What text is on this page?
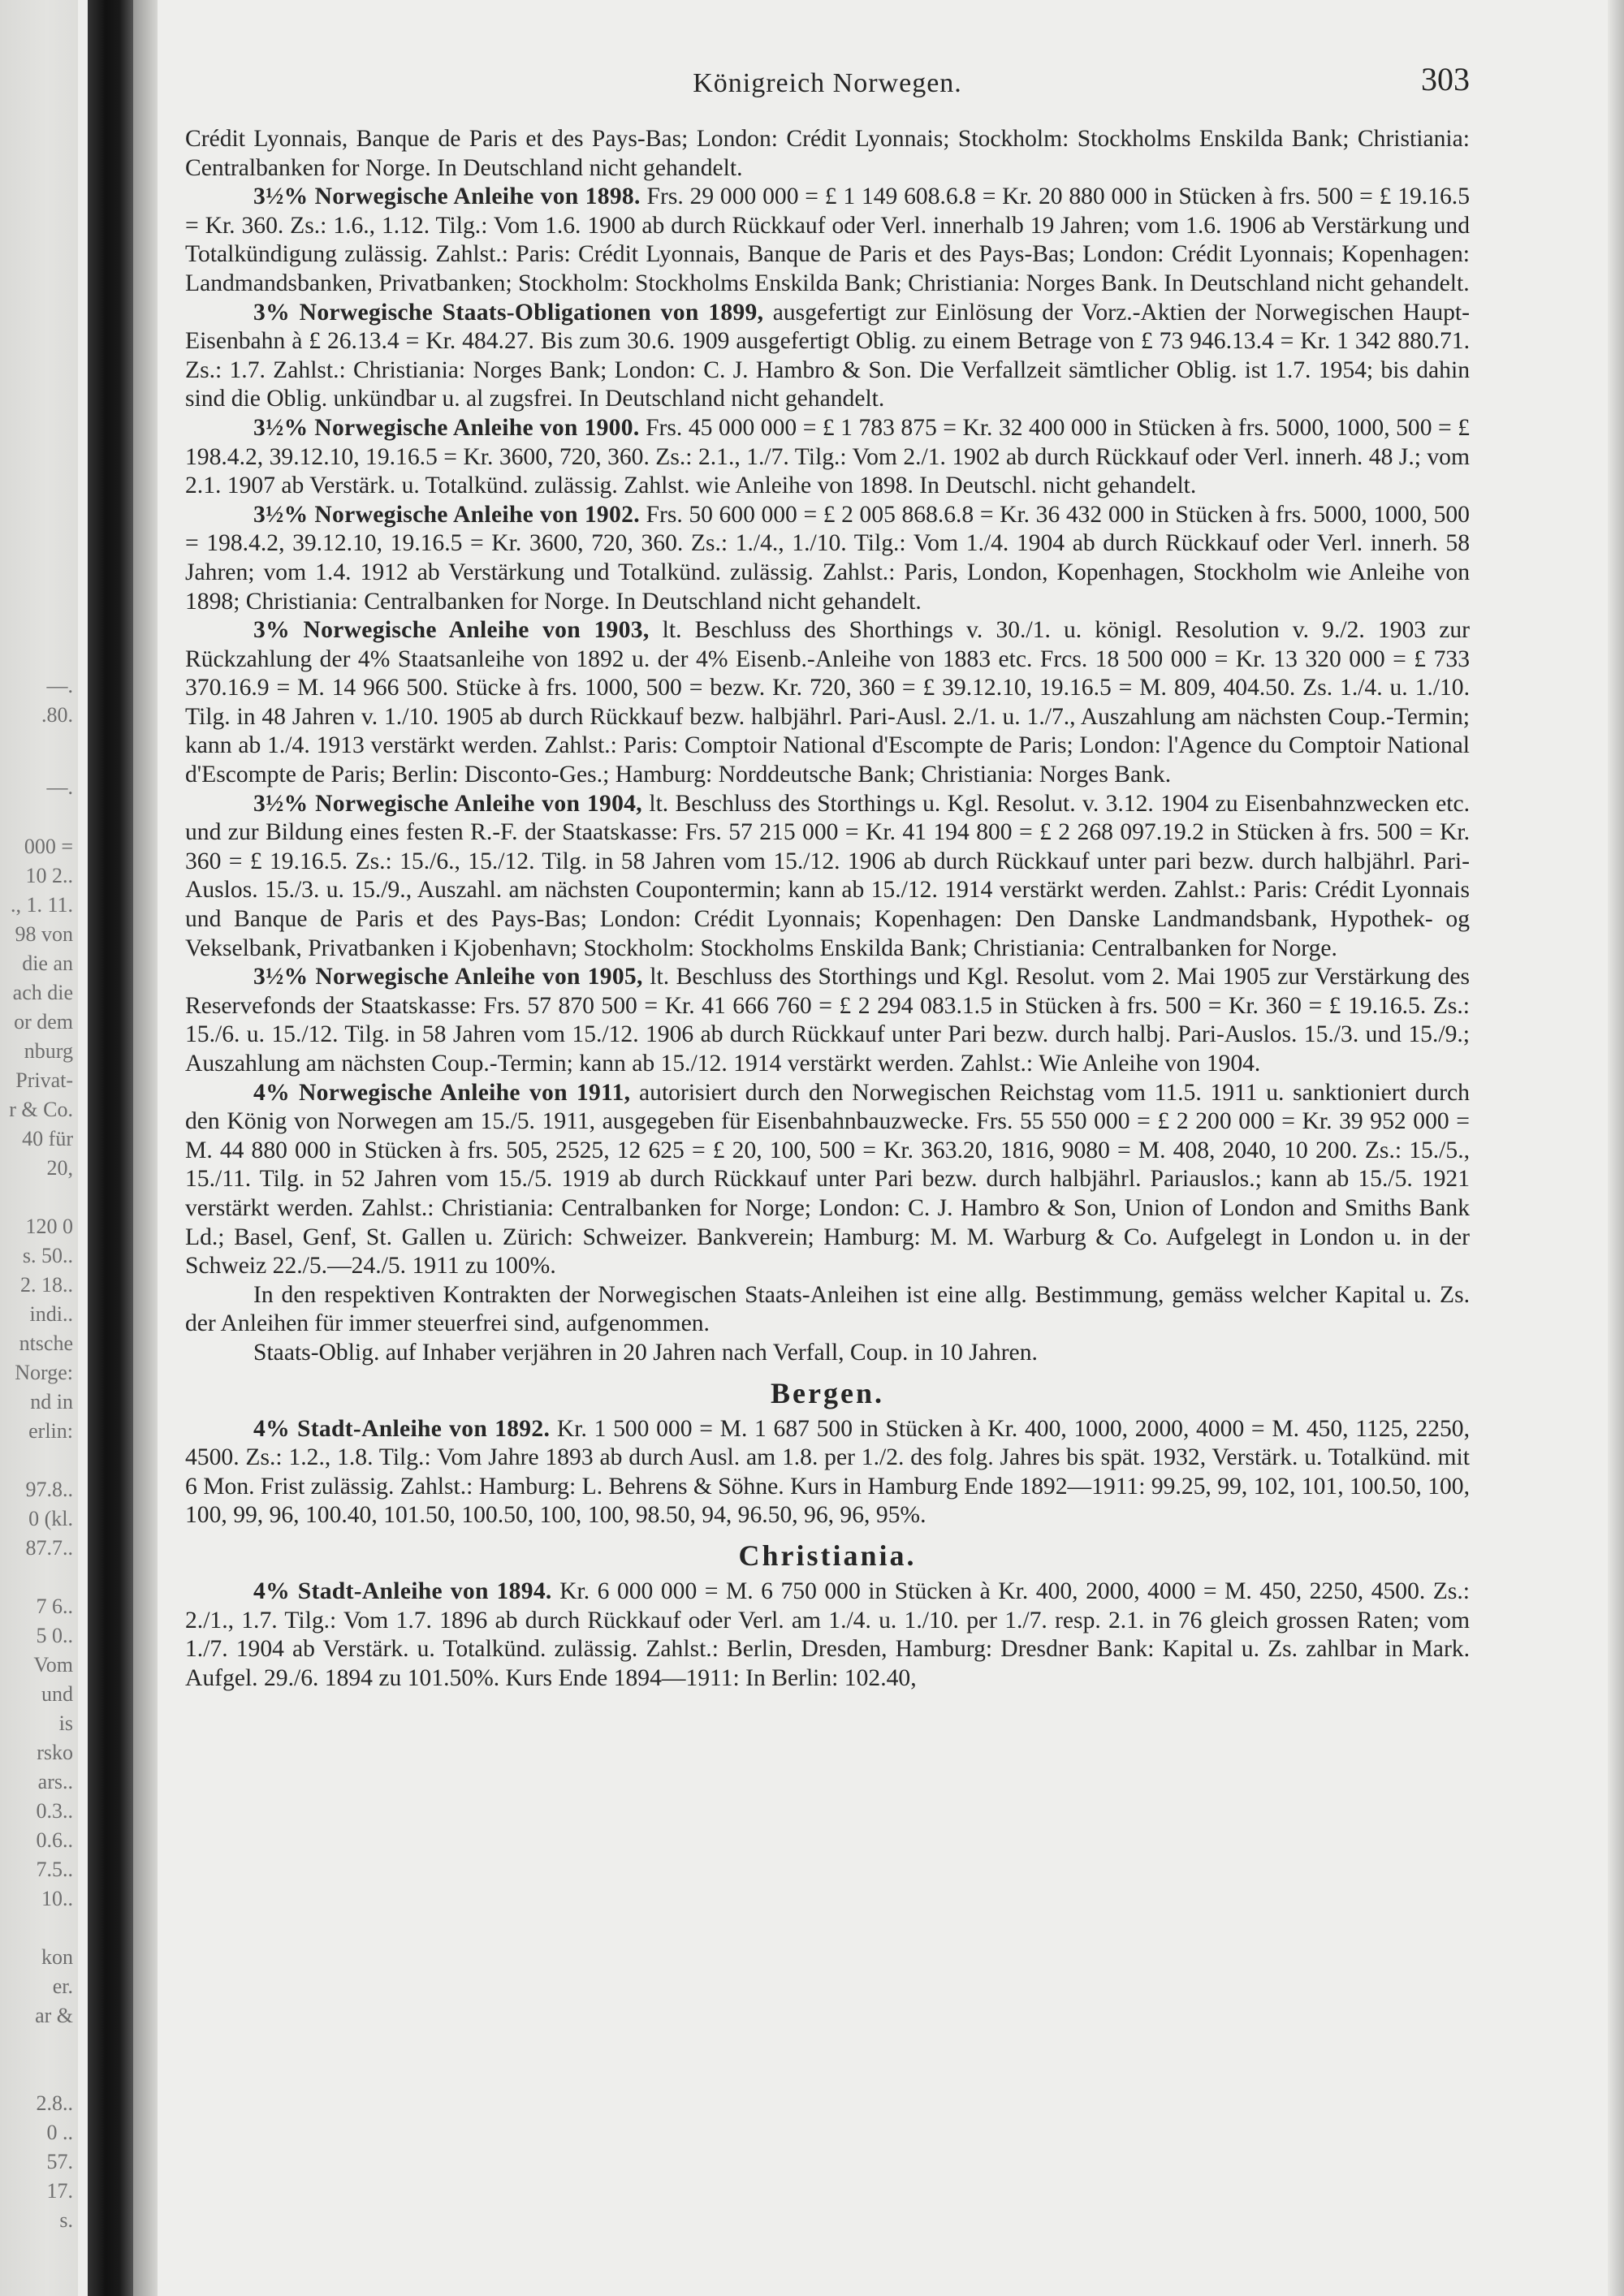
—.
.80.
—.
000 =
10 2..
., 1. 11.
98 von
die an
ach die
or dem
nburg
Privat-
r & Co.
40 für
20,
120 0
s. 50..
2. 18..
indi..
ntsche
Norge:
nd in
erlin:
97.8..
0 (kl.
87.7..
7 6..
5 0..
Vom
und
is
rsko
ars..
0.3..
0.6..
7.5..
10..
kon
er.
ar &
2.8..
0 ..
57.
17.
s.
Königreich Norwegen.	303

Crédit Lyonnais, Banque de Paris et des Pays-Bas; London: Crédit Lyonnais; Stockholm: Stockholms Enskilda Bank; Christiania: Centralbanken for Norge. In Deutschland nicht gehandelt.

3½% Norwegische Anleihe von 1898. Frs. 29 000 000 = £ 1 149 608.6.8 = Kr. 20 880 000 in Stücken à frs. 500 = £ 19.16.5 = Kr. 360. Zs.: 1.6., 1.12. Tilg.: Vom 1.6. 1900 ab durch Rückkauf oder Verl. innerhalb 19 Jahren; vom 1.6. 1906 ab Verstärkung und Totalkündigung zulässig. Zahlst.: Paris: Crédit Lyonnais, Banque de Paris et des Pays-Bas; London: Crédit Lyonnais; Kopenhagen: Landmandsbanken, Privatbanken; Stockholm: Stockholms Enskilda Bank; Christiania: Norges Bank. In Deutschland nicht gehandelt.

3% Norwegische Staats-Obligationen von 1899, ausgefertigt zur Einlösung der Vorz.-Aktien der Norwegischen Haupt-Eisenbahn à £ 26.13.4 = Kr. 484.27. Bis zum 30.6. 1909 ausgefertigt Oblig. zu einem Betrage von £ 73 946.13.4 = Kr. 1 342 880.71. Zs.: 1.7. Zahlst.: Christiania: Norges Bank; London: C. J. Hambro & Son. Die Verfallzeit sämtlicher Oblig. ist 1.7. 1954; bis dahin sind die Oblig. unkündbar u. al zugsfrei. In Deutschland nicht gehandelt.

3½% Norwegische Anleihe von 1900. Frs. 45 000 000 = £ 1 783 875 = Kr. 32 400 000 in Stücken à frs. 5000, 1000, 500 = £ 198.4.2, 39.12.10, 19.16.5 = Kr. 3600, 720, 360. Zs.: 2.1., 1./7. Tilg.: Vom 2./1. 1902 ab durch Rückkauf oder Verl. innerh. 48 J.; vom 2.1. 1907 ab Verstärk. u. Totalkünd. zulässig. Zahlst. wie Anleihe von 1898. In Deutschl. nicht gehandelt.

3½% Norwegische Anleihe von 1902. Frs. 50 600 000 = £ 2 005 868.6.8 = Kr. 36 432 000 in Stücken à frs. 5000, 1000, 500 = 198.4.2, 39.12.10, 19.16.5 = Kr. 3600, 720, 360. Zs.: 1./4., 1./10. Tilg.: Vom 1./4. 1904 ab durch Rückkauf oder Verl. innerh. 58 Jahren; vom 1.4. 1912 ab Verstärkung und Totalkünd. zulässig. Zahlst.: Paris, London, Kopenhagen, Stockholm wie Anleihe von 1898; Christiania: Centralbanken for Norge. In Deutschland nicht gehandelt.

3% Norwegische Anleihe von 1903, lt. Beschluss des Shorthings v. 30./1. u. königl. Resolution v. 9./2. 1903 zur Rückzahlung der 4% Staatsanleihe von 1892 u. der 4% Eisenb.-Anleihe von 1883 etc. Frcs. 18 500 000 = Kr. 13 320 000 = £ 733 370.16.9 = M. 14 966 500. Stücke à frs. 1000, 500 = bezw. Kr. 720, 360 = £ 39.12.10, 19.16.5 = M. 809, 404.50. Zs. 1./4. u. 1./10. Tilg. in 48 Jahren v. 1./10. 1905 ab durch Rückkauf bezw. halbjährl. Pari-Ausl. 2./1. u. 1./7., Auszahlung am nächsten Coup.-Termin; kann ab 1./4. 1913 verstärkt werden. Zahlst.: Paris: Comptoir National d'Escompte de Paris; London: l'Agence du Comptoir National d'Escompte de Paris; Berlin: Disconto-Ges.; Hamburg: Norddeutsche Bank; Christiania: Norges Bank.

3½% Norwegische Anleihe von 1904, lt. Beschluss des Storthings u. Kgl. Resolut. v. 3.12. 1904 zu Eisenbahnzwecken etc. und zur Bildung eines festen R.-F. der Staatskasse: Frs. 57 215 000 = Kr. 41 194 800 = £ 2 268 097.19.2 in Stücken à frs. 500 = Kr. 360 = £ 19.16.5. Zs.: 15./6., 15./12. Tilg. in 58 Jahren vom 15./12. 1906 ab durch Rückkauf unter pari bezw. durch halbjährl. Pari-Auslos. 15./3. u. 15./9., Auszahl. am nächsten Coupontermin; kann ab 15./12. 1914 verstärkt werden. Zahlst.: Paris: Crédit Lyonnais und Banque de Paris et des Pays-Bas; London: Crédit Lyonnais; Kopenhagen: Den Danske Landmandsbank, Hypothek- og Vekselbank, Privatbanken i Kjobenhavn; Stockholm: Stockholms Enskilda Bank; Christiania: Centralbanken for Norge.

3½% Norwegische Anleihe von 1905, lt. Beschluss des Storthings und Kgl. Resolut. vom 2. Mai 1905 zur Verstärkung des Reservefonds der Staatskasse: Frs. 57 870 500 = Kr. 41 666 760 = £ 2 294 083.1.5 in Stücken à frs. 500 = Kr. 360 = £ 19.16.5. Zs.: 15./6. u. 15./12. Tilg. in 58 Jahren vom 15./12. 1906 ab durch Rückkauf unter Pari bezw. durch halbj. Pari-Auslos. 15./3. und 15./9.; Auszahlung am nächsten Coup.-Termin; kann ab 15./12. 1914 verstärkt werden. Zahlst.: Wie Anleihe von 1904.

4% Norwegische Anleihe von 1911, autorisiert durch den Norwegischen Reichstag vom 11.5. 1911 u. sanktioniert durch den König von Norwegen am 15./5. 1911, ausgegeben für Eisenbahnbauzwecke. Frs. 55 550 000 = £ 2 200 000 = Kr. 39 952 000 = M. 44 880 000 in Stücken à frs. 505, 2525, 12 625 = £ 20, 100, 500 = Kr. 363.20, 1816, 9080 = M. 408, 2040, 10 200. Zs.: 15./5., 15./11. Tilg. in 52 Jahren vom 15./5. 1919 ab durch Rückkauf unter Pari bezw. durch halbjährl. Pariauslos.; kann ab 15./5. 1921 verstärkt werden. Zahlst.: Christiania: Centralbanken for Norge; London: C. J. Hambro & Son, Union of London and Smiths Bank Ld.; Basel, Genf, St. Gallen u. Zürich: Schweizer. Bankverein; Hamburg: M. M. Warburg & Co. Aufgelegt in London u. in der Schweiz 22./5.—24./5. 1911 zu 100%.

In den respektiven Kontrakten der Norwegischen Staats-Anleihen ist eine allg. Bestimmung, gemäss welcher Kapital u. Zs. der Anleihen für immer steuerfrei sind, aufgenommen.

Staats-Oblig. auf Inhaber verjähren in 20 Jahren nach Verfall, Coup. in 10 Jahren.

Bergen.

4% Stadt-Anleihe von 1892. Kr. 1 500 000 = M. 1 687 500 in Stücken à Kr. 400, 1000, 2000, 4000 = M. 450, 1125, 2250, 4500. Zs.: 1.2., 1.8. Tilg.: Vom Jahre 1893 ab durch Ausl. am 1.8. per 1./2. des folg. Jahres bis spät. 1932, Verstärk. u. Totalkünd. mit 6 Mon. Frist zulässig. Zahlst.: Hamburg: L. Behrens & Söhne. Kurs in Hamburg Ende 1892—1911: 99.25, 99, 102, 101, 100.50, 100, 100, 99, 96, 100.40, 101.50, 100.50, 100, 100, 98.50, 94, 96.50, 96, 96, 95%.

Christiania.

4% Stadt-Anleihe von 1894. Kr. 6 000 000 = M. 6 750 000 in Stücken à Kr. 400, 2000, 4000 = M. 450, 2250, 4500. Zs.: 2./1., 1.7. Tilg.: Vom 1.7. 1896 ab durch Rückkauf oder Verl. am 1./4. u. 1./10. per 1./7. resp. 2.1. in 76 gleich grossen Raten; vom 1./7. 1904 ab Verstärk. u. Totalkünd. zulässig. Zahlst.: Berlin, Dresden, Hamburg: Dresdner Bank: Kapital u. Zs. zahlbar in Mark. Aufgel. 29./6. 1894 zu 101.50%. Kurs Ende 1894—1911: In Berlin: 102.40,
